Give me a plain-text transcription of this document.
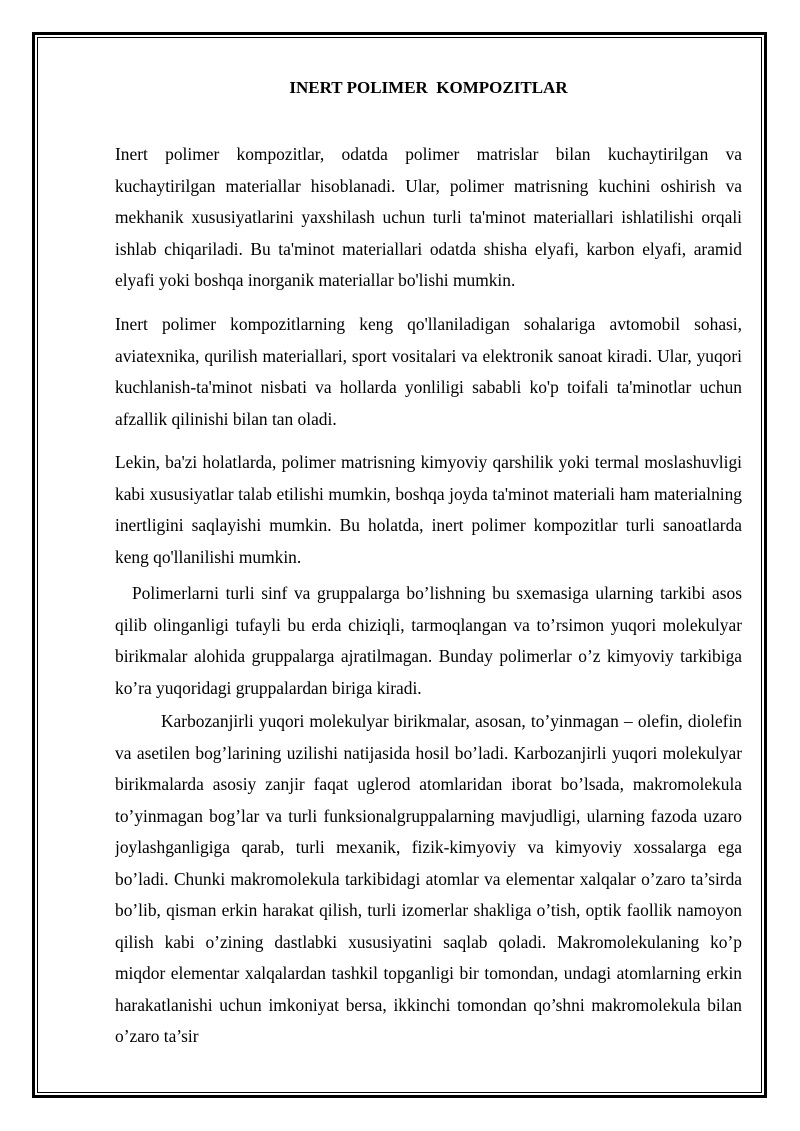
INERT POLIMER  KOMPOZITLAR

Inert polimer kompozitlar, odatda polimer matrislar bilan kuchaytirilgan va kuchaytirilgan materiallar hisoblanadi. Ular, polimer matrisning kuchini oshirish va mekhanik xususiyatlarini yaxshilash uchun turli ta'minot materiallari ishlatilishi orqali ishlab chiqariladi. Bu ta'minot materiallari odatda shisha elyafi, karbon elyafi, aramid elyafi yoki boshqa inorganik materiallar bo'lishi mumkin.

Inert polimer kompozitlarning keng qo'llaniladigan sohalariga avtomobil sohasi, aviatexnika, qurilish materiallari, sport vositalari va elektronik sanoat kiradi. Ular, yuqori kuchlanish-ta'minot nisbati va hollarda yonliligi sababli ko'p toifali ta'minotlar uchun afzallik qilinishi bilan tan oladi.

Lekin, ba'zi holatlarda, polimer matrisning kimyoviy qarshilik yoki termal moslashuvligi kabi xususiyatlar talab etilishi mumkin, boshqa joyda ta'minot materiali ham materialning inertligini saqlayishi mumkin. Bu holatda, inert polimer kompozitlar turli sanoatlarda keng qo'llanilishi mumkin.

Polimerlarni turli sinf va gruppalarga bo’lishning bu sxemasiga ularning tarkibi asos qilib olinganligi tufayli bu erda chiziqli, tarmoqlangan va to’rsimon yuqori molekulyar birikmalar alohida gruppalarga ajratilmagan. Bunday polimerlar o’z kimyoviy tarkibiga ko’ra yuqoridagi gruppalardan biriga kiradi.

Karbozanjirli yuqori molekulyar birikmalar, asosan, to’yinmagan – olefin, diolefin va asetilen bog’larining uzilishi natijasida hosil bo’ladi. Karbozanjirli yuqori molekulyar birikmalarda asosiy zanjir faqat uglerod atomlaridan iborat bo’lsada, makromolekula to’yinmagan bog’lar va turli funksionalgruppalarning mavjudligi, ularning fazoda uzaro joylashganligiga qarab, turli mexanik, fizik-kimyoviy va kimyoviy xossalarga ega bo’ladi. Chunki makromolekula tarkibidagi atomlar va elementar xalqalar o’zaro ta’sirda bo’lib, qisman erkin harakat qilish, turli izomerlar shakliga o’tish, optik faollik namoyon qilish kabi o’zining dastlabki xususiyatini saqlab qoladi. Makromolekulaning ko’p miqdor elementar xalqalardan tashkil topganligi bir tomondan, undagi atomlarning erkin harakatlanishi uchun imkoniyat bersa, ikkinchi tomondan qo’shni makromolekula bilan o’zaro ta’sir
